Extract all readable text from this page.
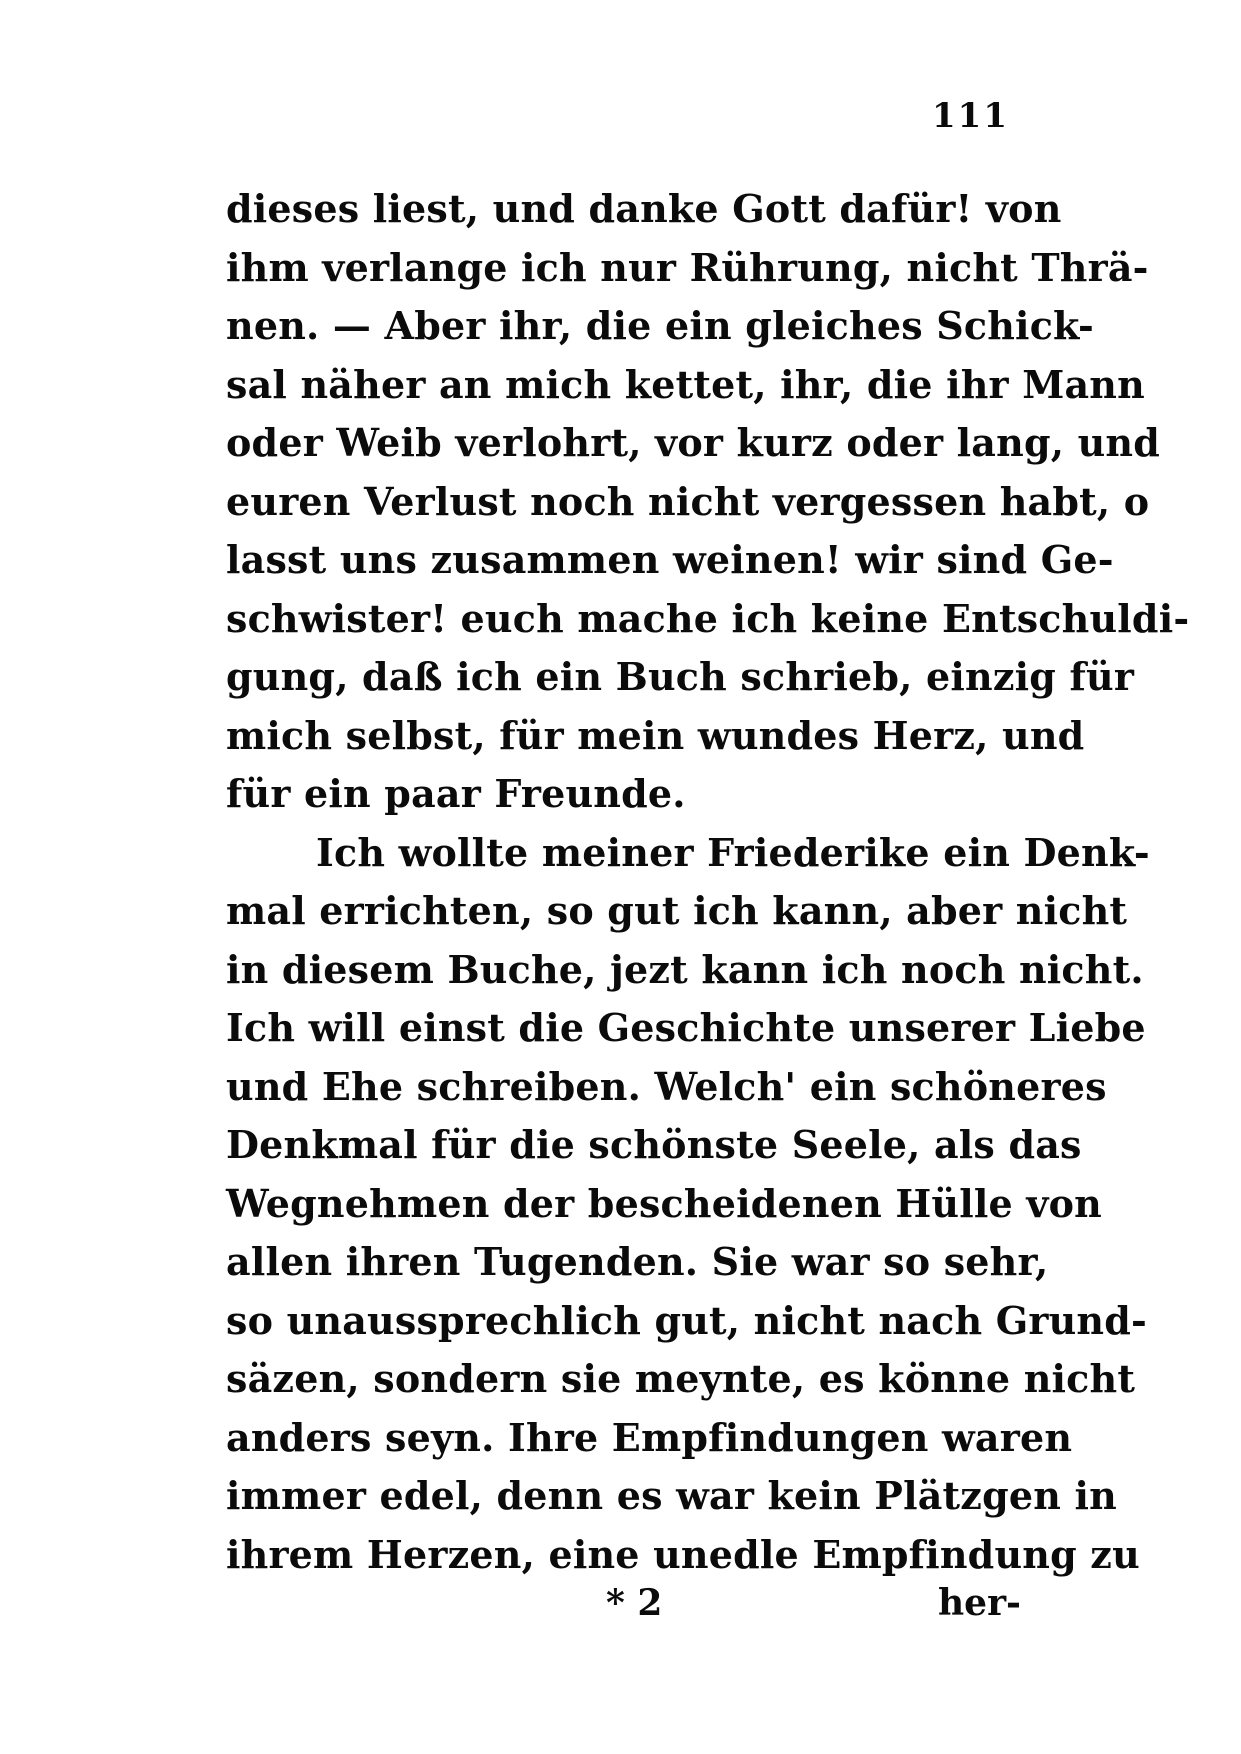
111
dieses liest, und danke Gott dafür! von
ihm verlange ich nur Rührung, nicht Thrä-
nen. — Aber ihr, die ein gleiches Schick-
sal näher an mich kettet, ihr, die ihr Mann
oder Weib verlohrt, vor kurz oder lang, und
euren Verlust noch nicht vergessen habt, o
lasst uns zusammen weinen! wir sind Ge-
schwister! euch mache ich keine Entschuldi-
gung, daß ich ein Buch schrieb, einzig für
mich selbst, für mein wundes Herz, und
für ein paar Freunde.
Ich wollte meiner Friederike ein Denk-
mal errichten, so gut ich kann, aber nicht
in diesem Buche, jezt kann ich noch nicht.
Ich will einst die Geschichte unserer Liebe
und Ehe schreiben. Welch' ein schöneres
Denkmal für die schönste Seele, als das
Wegnehmen der bescheidenen Hülle von
allen ihren Tugenden. Sie war so sehr,
so unaussprechlich gut, nicht nach Grund-
säzen, sondern sie meynte, es könne nicht
anders seyn. Ihre Empfindungen waren
immer edel, denn es war kein Plätzgen in
ihrem Herzen, eine unedle Empfindung zu
* 2	her-
